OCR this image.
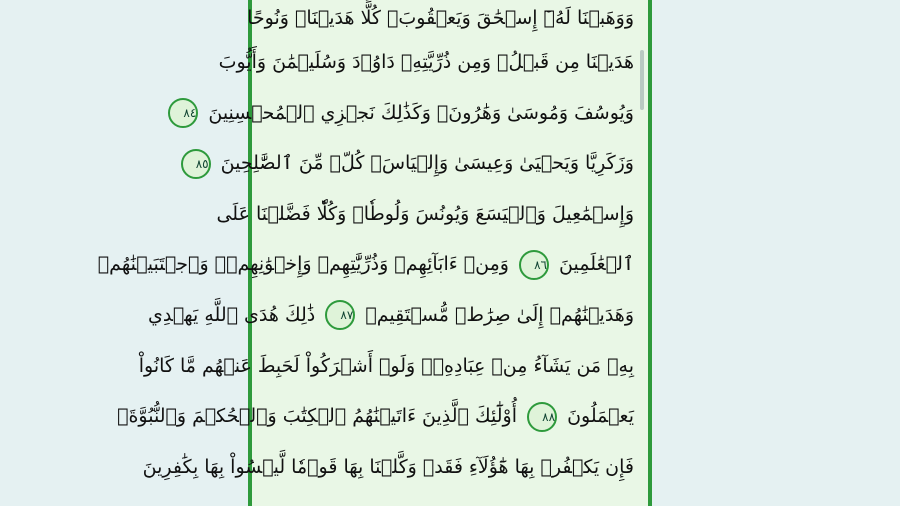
وَوَهَبۡنَا لَهُۥٓ إِسۡحَٰقَ وَيَعۡقُوبَۚ كُلًّا هَدَيۡنَاۚ وَنُوحًا
هَدَيۡنَا مِن قَبۡلُۖ وَمِن ذُرِّيَّتِهِۦ دَاوُۥدَ وَسُلَيۡمَٰنَ وَأَيُّوبَ
وَيُوسُفَ وَمُوسَىٰ وَهَٰرُونَۚ وَكَذَٰلِكَ نَجۡزِي ٱلۡمُحۡسِنِينَ ٨٤
وَزَكَرِيَّا وَيَحۡيَىٰ وَعِيسَىٰ وَإِلۡيَاسَۖ كُلّٞ مِّنَ ٱلصَّٰلِحِينَ ٨٥
وَإِسۡمَٰعِيلَ وَٱلۡيَسَعَ وَيُونُسَ وَلُوطٗاۚ وَكُلّٗا فَضَّلۡنَا عَلَى
ٱلۡعَٰلَمِينَ ٨٦ وَمِنۡ ءَابَآئِهِمۡ وَذُرِّيَّٰتِهِمۡ وَإِخۡوَٰنِهِمۡۖ وَٱجۡتَبَيۡنَٰهُمۡ
وَهَدَيۡنَٰهُمۡ إِلَىٰ صِرَٰطٖ مُّسۡتَقِيمٖ ٨٧ ذَٰلِكَ هُدَى ٱللَّهِ يَهۡدِي
بِهِۦ مَن يَشَآءُ مِنۡ عِبَادِهِۦۚ وَلَوۡ أَشۡرَكُواْ لَحَبِطَ عَنۡهُم مَّا كَانُواْ
يَعۡمَلُونَ ٨٨ أُوْلَٰٓئِكَ ٱلَّذِينَ ءَاتَيۡنَٰهُمُ ٱلۡكِتَٰبَ وَٱلۡحُكۡمَ وَٱلنُّبُوَّةَۚ
فَإِن يَكۡفُرۡ بِهَا هَٰٓؤُلَآءِ فَقَدۡ وَكَّلۡنَا بِهَا قَوۡمٗا لَّيۡسُواْ بِهَا بِكَٰفِرِينَ
